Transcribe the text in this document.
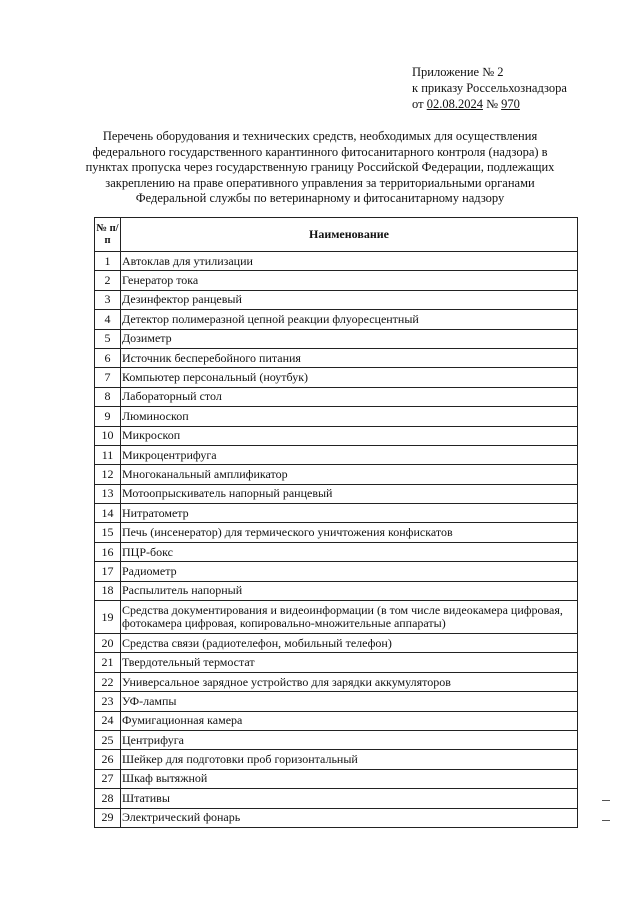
Приложение № 2
к приказу Россельхознадзора
от 02.08.2024 № 970
Перечень оборудования и технических средств, необходимых для осуществления федерального государственного карантинного фитосанитарного контроля (надзора) в пунктах пропуска через государственную границу Российской Федерации, подлежащих закреплению на праве оперативного управления за территориальными органами Федеральной службы по ветеринарному и фитосанитарному надзору
№ п/п	Наименование
1	Автоклав для утилизации
2	Генератор тока
3	Дезинфектор ранцевый
4	Детектор полимеразной цепной реакции флуоресцентный
5	Дозиметр
6	Источник бесперебойного питания
7	Компьютер персональный (ноутбук)
8	Лабораторный стол
9	Люминоскоп
10	Микроскоп
11	Микроцентрифуга
12	Многоканальный амплификатор
13	Мотоопрыскиватель напорный ранцевый
14	Нитратометр
15	Печь (инсенератор) для термического уничтожения конфискатов
16	ПЦР-бокс
17	Радиометр
18	Распылитель напорный
19	Средства документирования и видеоинформации (в том числе видеокамера цифровая, фотокамера цифровая, копировально-множительные аппараты)
20	Средства связи (радиотелефон, мобильный телефон)
21	Твердотельный термостат
22	Универсальное зарядное устройство для зарядки аккумуляторов
23	УФ-лампы
24	Фумигационная камера
25	Центрифуга
26	Шейкер для подготовки проб горизонтальный
27	Шкаф вытяжной
28	Штативы
29	Электрический фонарь
